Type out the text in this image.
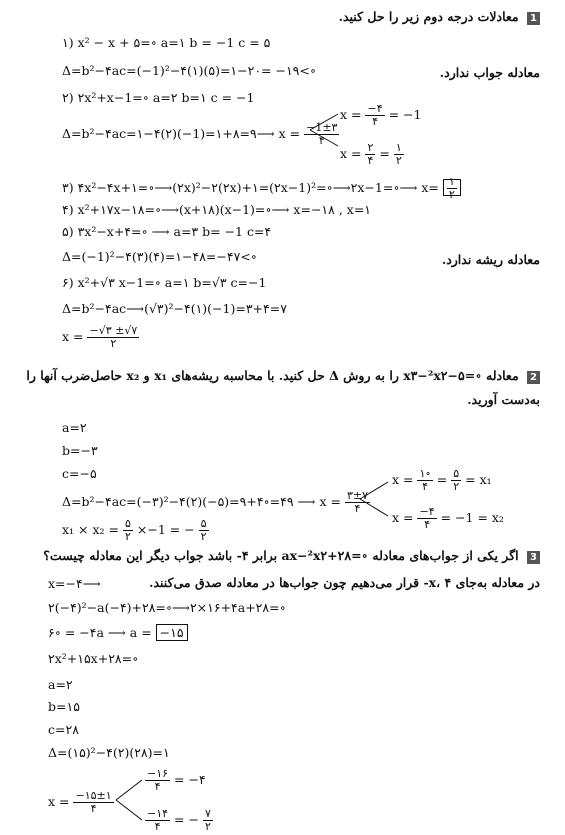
1 معادلات درجه دوم زیر را حل کنید.
۱) x² − x + ۵=∘ a=۱ b = −1 c = ۵
Δ=b²−۴ac=(−1)²−۴(۱)(۵)=۱−۲۰= −۱۹<∘	معادله جواب ندارد.
۲) ۲x²+x−1=∘ a=۲ b=۱ c = −1
Δ=b²−۴ac=۱−۴(۲)(−1)=۱+۸=۹⟶ $x = \frac{-1\pm ۳}{۴}$
$x = \frac{-۴}{۴} = -1$
$x = \frac{۲}{۴} = \frac{۱}{۲}$
۳) ۴x²−۴x+۱=∘⟶(۲x)²−۲(۲x)+۱=(۲x−1)²=∘⟶۲x−1=∘⟶ $x= \frac{۱}{۲}$
۴) x²+۱۷x−۱۸=∘⟶(x+۱۸)(x−1)=∘⟶ x=−۱۸ , x=۱
۵) ۳x²−x+۴=∘ ⟶ a=۳ b= −1 c=۴
Δ=(−1)²−۴(۳)(۴)=۱−۴۸=−۴۷<∘	معادله ریشه ندارد.
۶) x²+√۳ x−1=∘ a=۱ b=√۳ c=−1
Δ=b²−۴ac⟶(√۳)²−۴(۱)(−1)=۳+۴=۷
$x = \frac{-√۳ \pm√۷}{۲}$
2 معادله ∘=۵−x۳−²x۲ را به روش Δ حل کنید. با محاسبه ریشه‌های x₁ و x₂ حاصل‌ضرب آنها را
به‌دست آورید.
a=۲
b=−۳
c=−۵
Δ=b²−۴ac=(−۳)²−۴(۲)(−۵)=۹+۴∘=۴۹ ⟶ $x = \frac{۳\pm ۷}{۴}$
$x = \frac{۱\circ}{۴} = \frac{۵}{۲} = x_1$
$x = \frac{-۴}{۴} = -1 = x_2$
$x_1 \times x_2 = \frac{۵}{۲} \times-1$ = − $\frac{۵}{۲}$
3 اگر یکی از جواب‌های معادله ∘=۲۸+ax−²x۲ برابر ۴- باشد جواب دیگر این معادله چیست؟
در معادله به‌جای x، ۴- قرار می‌دهیم چون جواب‌ها در معادله صدق می‌کنند.
x=−۴⟶
۲(−۴)²−a(−۴)+۲۸=∘⟶۲×۱۶+۴a+۲۸=∘
۶∘ = −۴a ⟶ a = −۱۵
۲x²+۱۵x+۲۸=∘
a=۲
b=۱۵
c=۲۸
Δ=(۱۵)²−۴(۲)(۲۸)=۱
$x = \frac{-۱۵\pm ۱}{۴}$
$\frac{-۱۶}{۴}$ = −۴
$\frac{-۱۴}{۴}$ = − $\frac{۷}{۲}$
